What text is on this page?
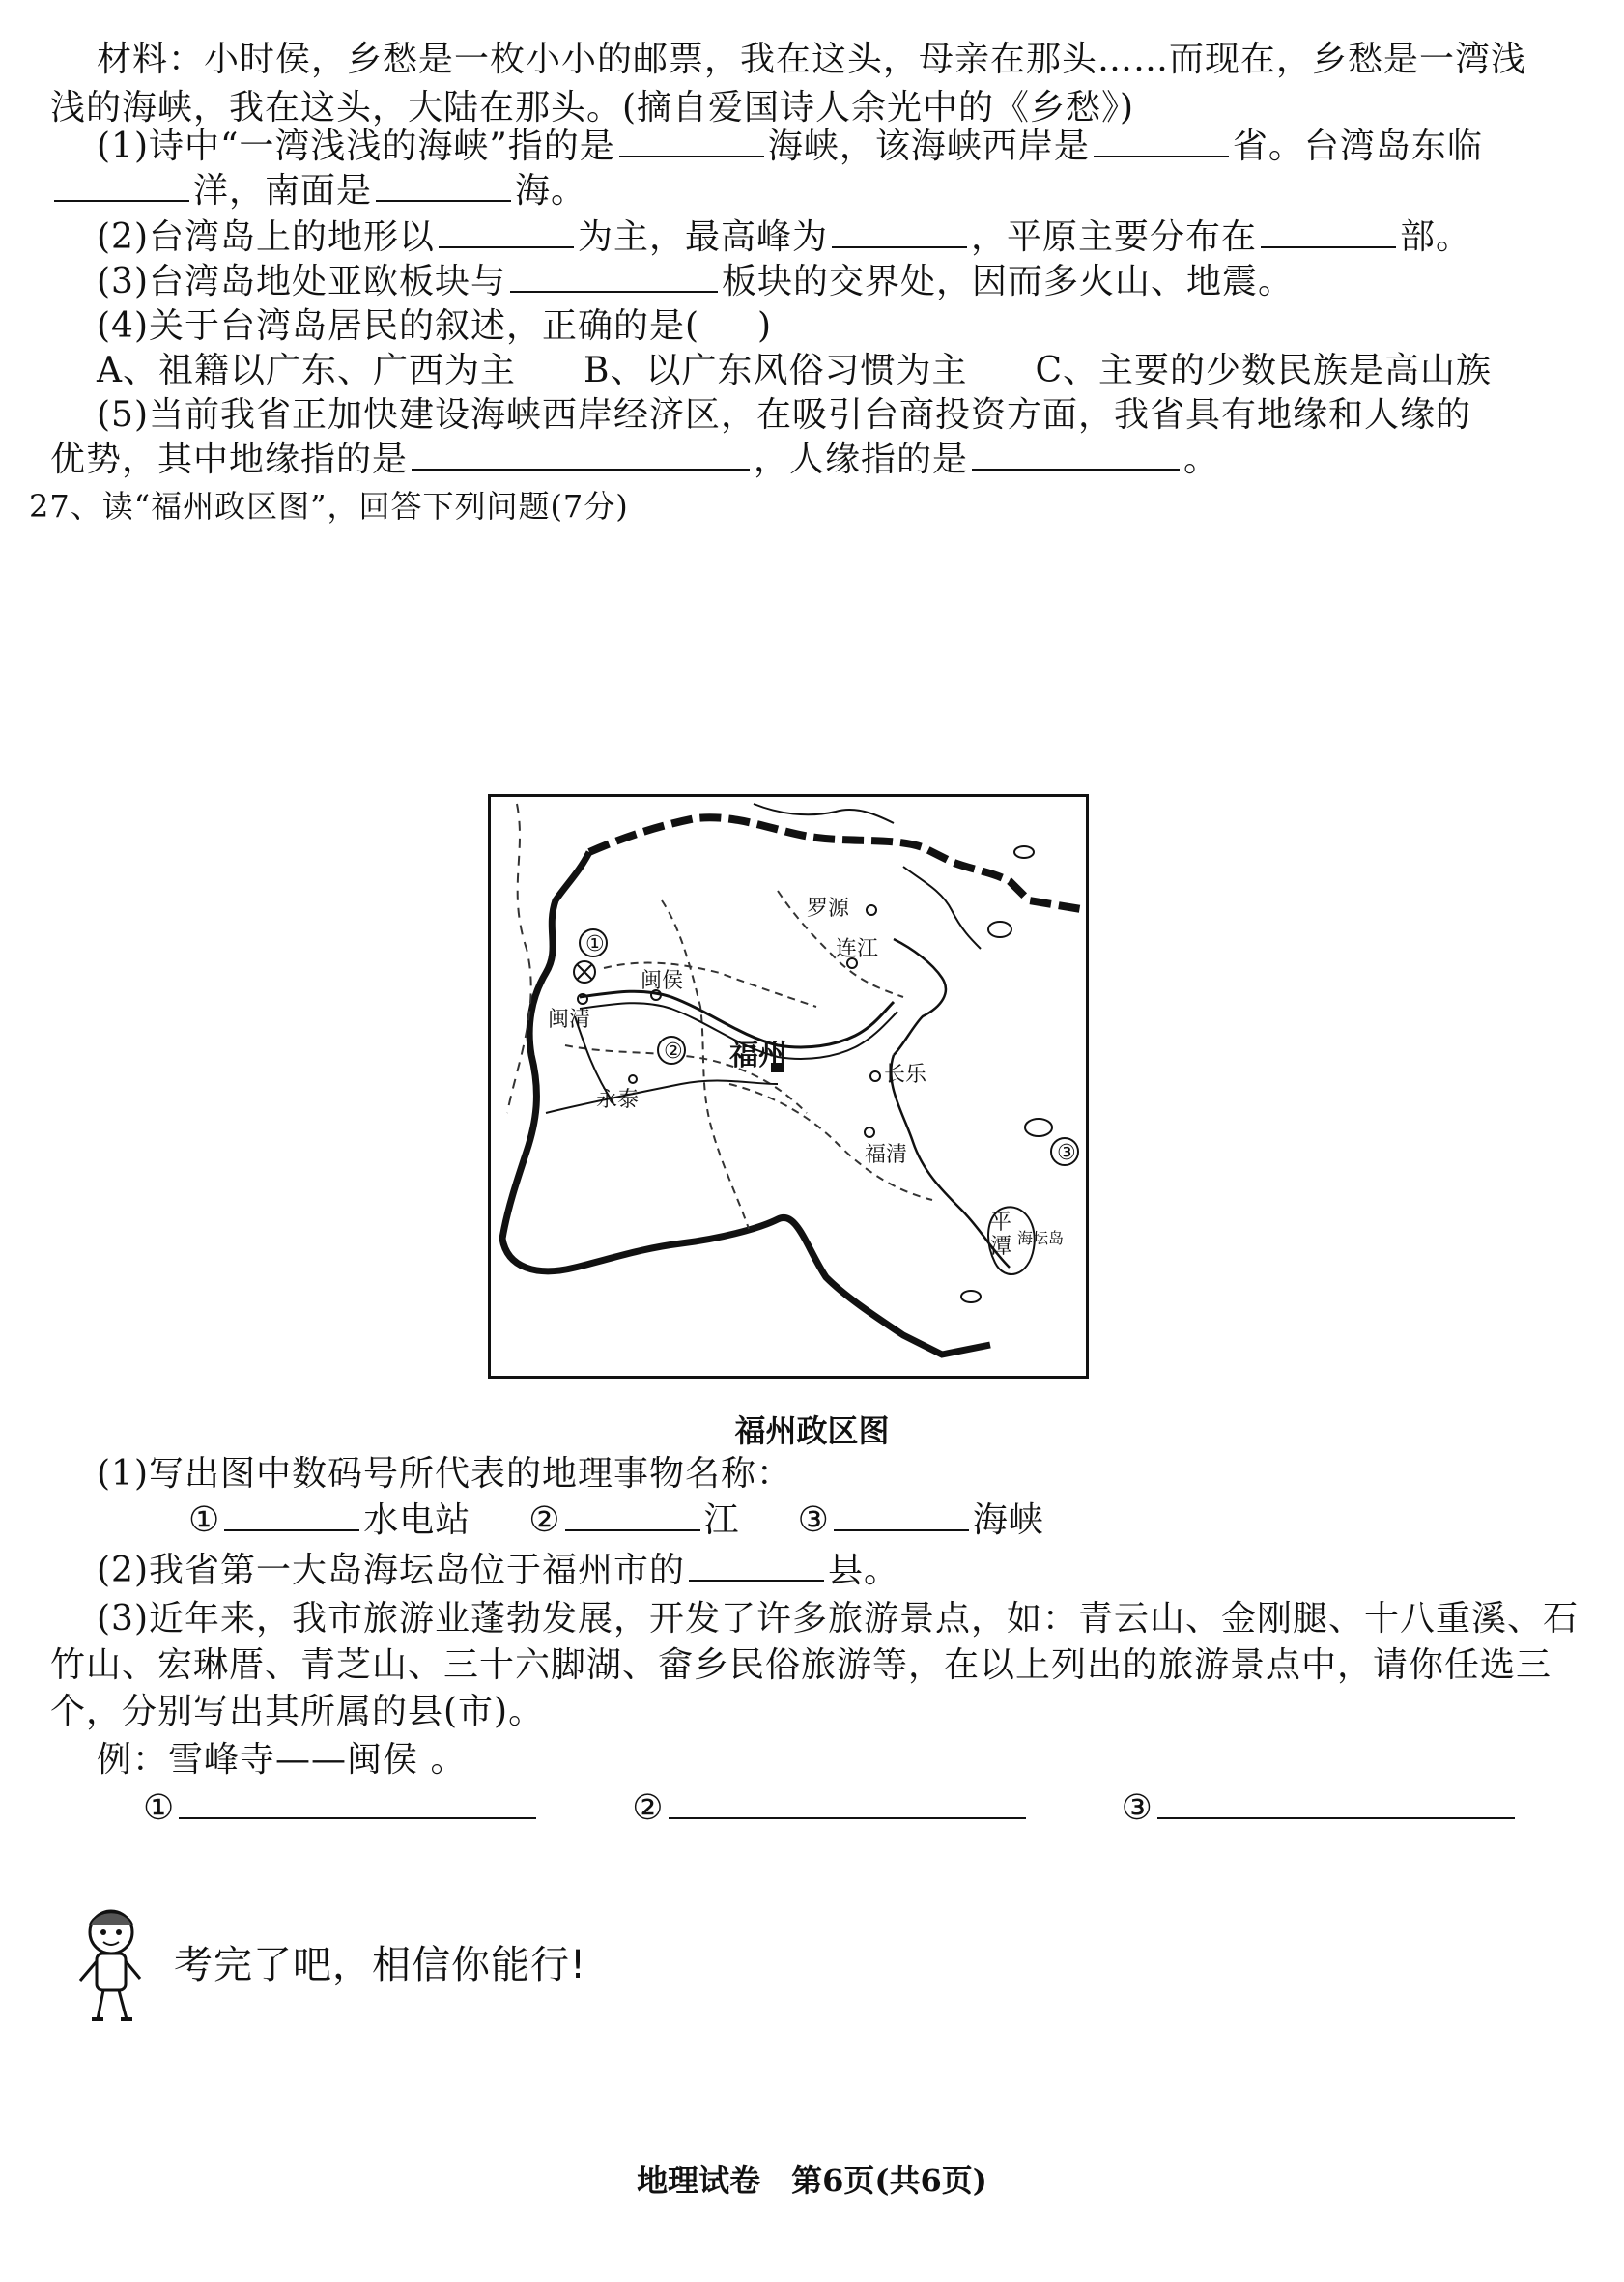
材料：小时侯，乡愁是一枚小小的邮票，我在这头，母亲在那头……而现在，乡愁是一湾浅
浅的海峡，我在这头，大陆在那头。(摘自爱国诗人余光中的《乡愁》)
(1)诗中“一湾浅浅的海峡”指的是	海峡，该海峡西岸是	省。台湾岛东临
洋，南面是	海。
(2)台湾岛上的地形以	为主，最高峰为	，平原主要分布在	部。
(3)台湾岛地处亚欧板块与	板块的交界处，因而多火山、地震。
(4)关于台湾岛居民的叙述，正确的是( )
A、祖籍以广东、广西为主 B、以广东风俗习惯为主 C、主要的少数民族是高山族
(5)当前我省正加快建设海峡西岸经济区，在吸引台商投资方面，我省具有地缘和人缘的
优势，其中地缘指的是	，人缘指的是	。
27、读“福州政区图”，回答下列问题(7分)
①
②
③
罗源
连江
闽侯
福州
闽清
长乐
永泰
福清
平
潭 海坛岛
福州政区图
(1)写出图中数码号所代表的地理事物名称：
①	水电站 ②	江 ③	海峡
(2)我省第一大岛海坛岛位于福州市的	县。
(3)近年来，我市旅游业蓬勃发展，开发了许多旅游景点，如：青云山、金刚腿、十八重溪、石
竹山、宏琳厝、青芝山、三十六脚湖、畲乡民俗旅游等，在以上列出的旅游景点中，请你任选三
个，分别写出其所属的县(市)。
例：雪峰寺——闽侯 。
①	②	③
考完了吧，相信你能行!
地理试卷　第6页(共6页)
